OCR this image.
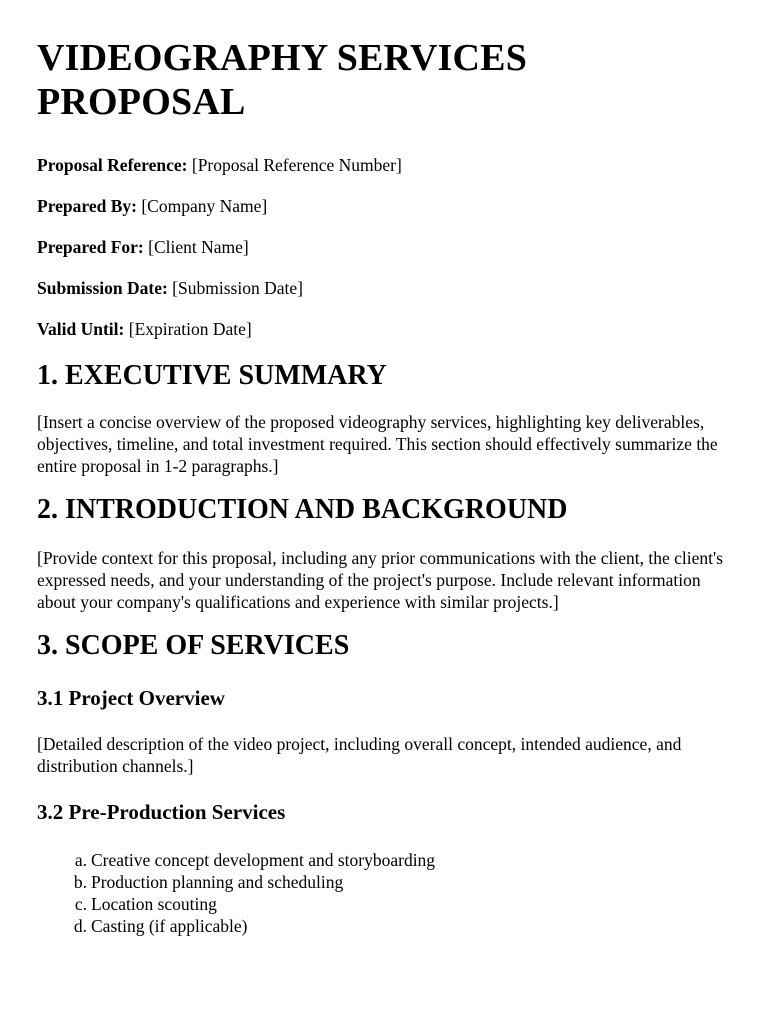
VIDEOGRAPHY SERVICES PROPOSAL
Proposal Reference: [Proposal Reference Number]
Prepared By: [Company Name]
Prepared For: [Client Name]
Submission Date: [Submission Date]
Valid Until: [Expiration Date]
1. EXECUTIVE SUMMARY

[Insert a concise overview of the proposed videography services, highlighting key deliverables, objectives, timeline, and total investment required. This section should effectively summarize the entire proposal in 1-2 paragraphs.]

2. INTRODUCTION AND BACKGROUND

[Provide context for this proposal, including any prior communications with the client, the client's expressed needs, and your understanding of the project's purpose. Include relevant information about your company's qualifications and experience with similar projects.]

3. SCOPE OF SERVICES
3.1 Project Overview

[Detailed description of the video project, including overall concept, intended audience, and distribution channels.]

3.2 Pre-Production Services
a. Creative concept development and storyboarding
b. Production planning and scheduling
c. Location scouting
d. Casting (if applicable)
